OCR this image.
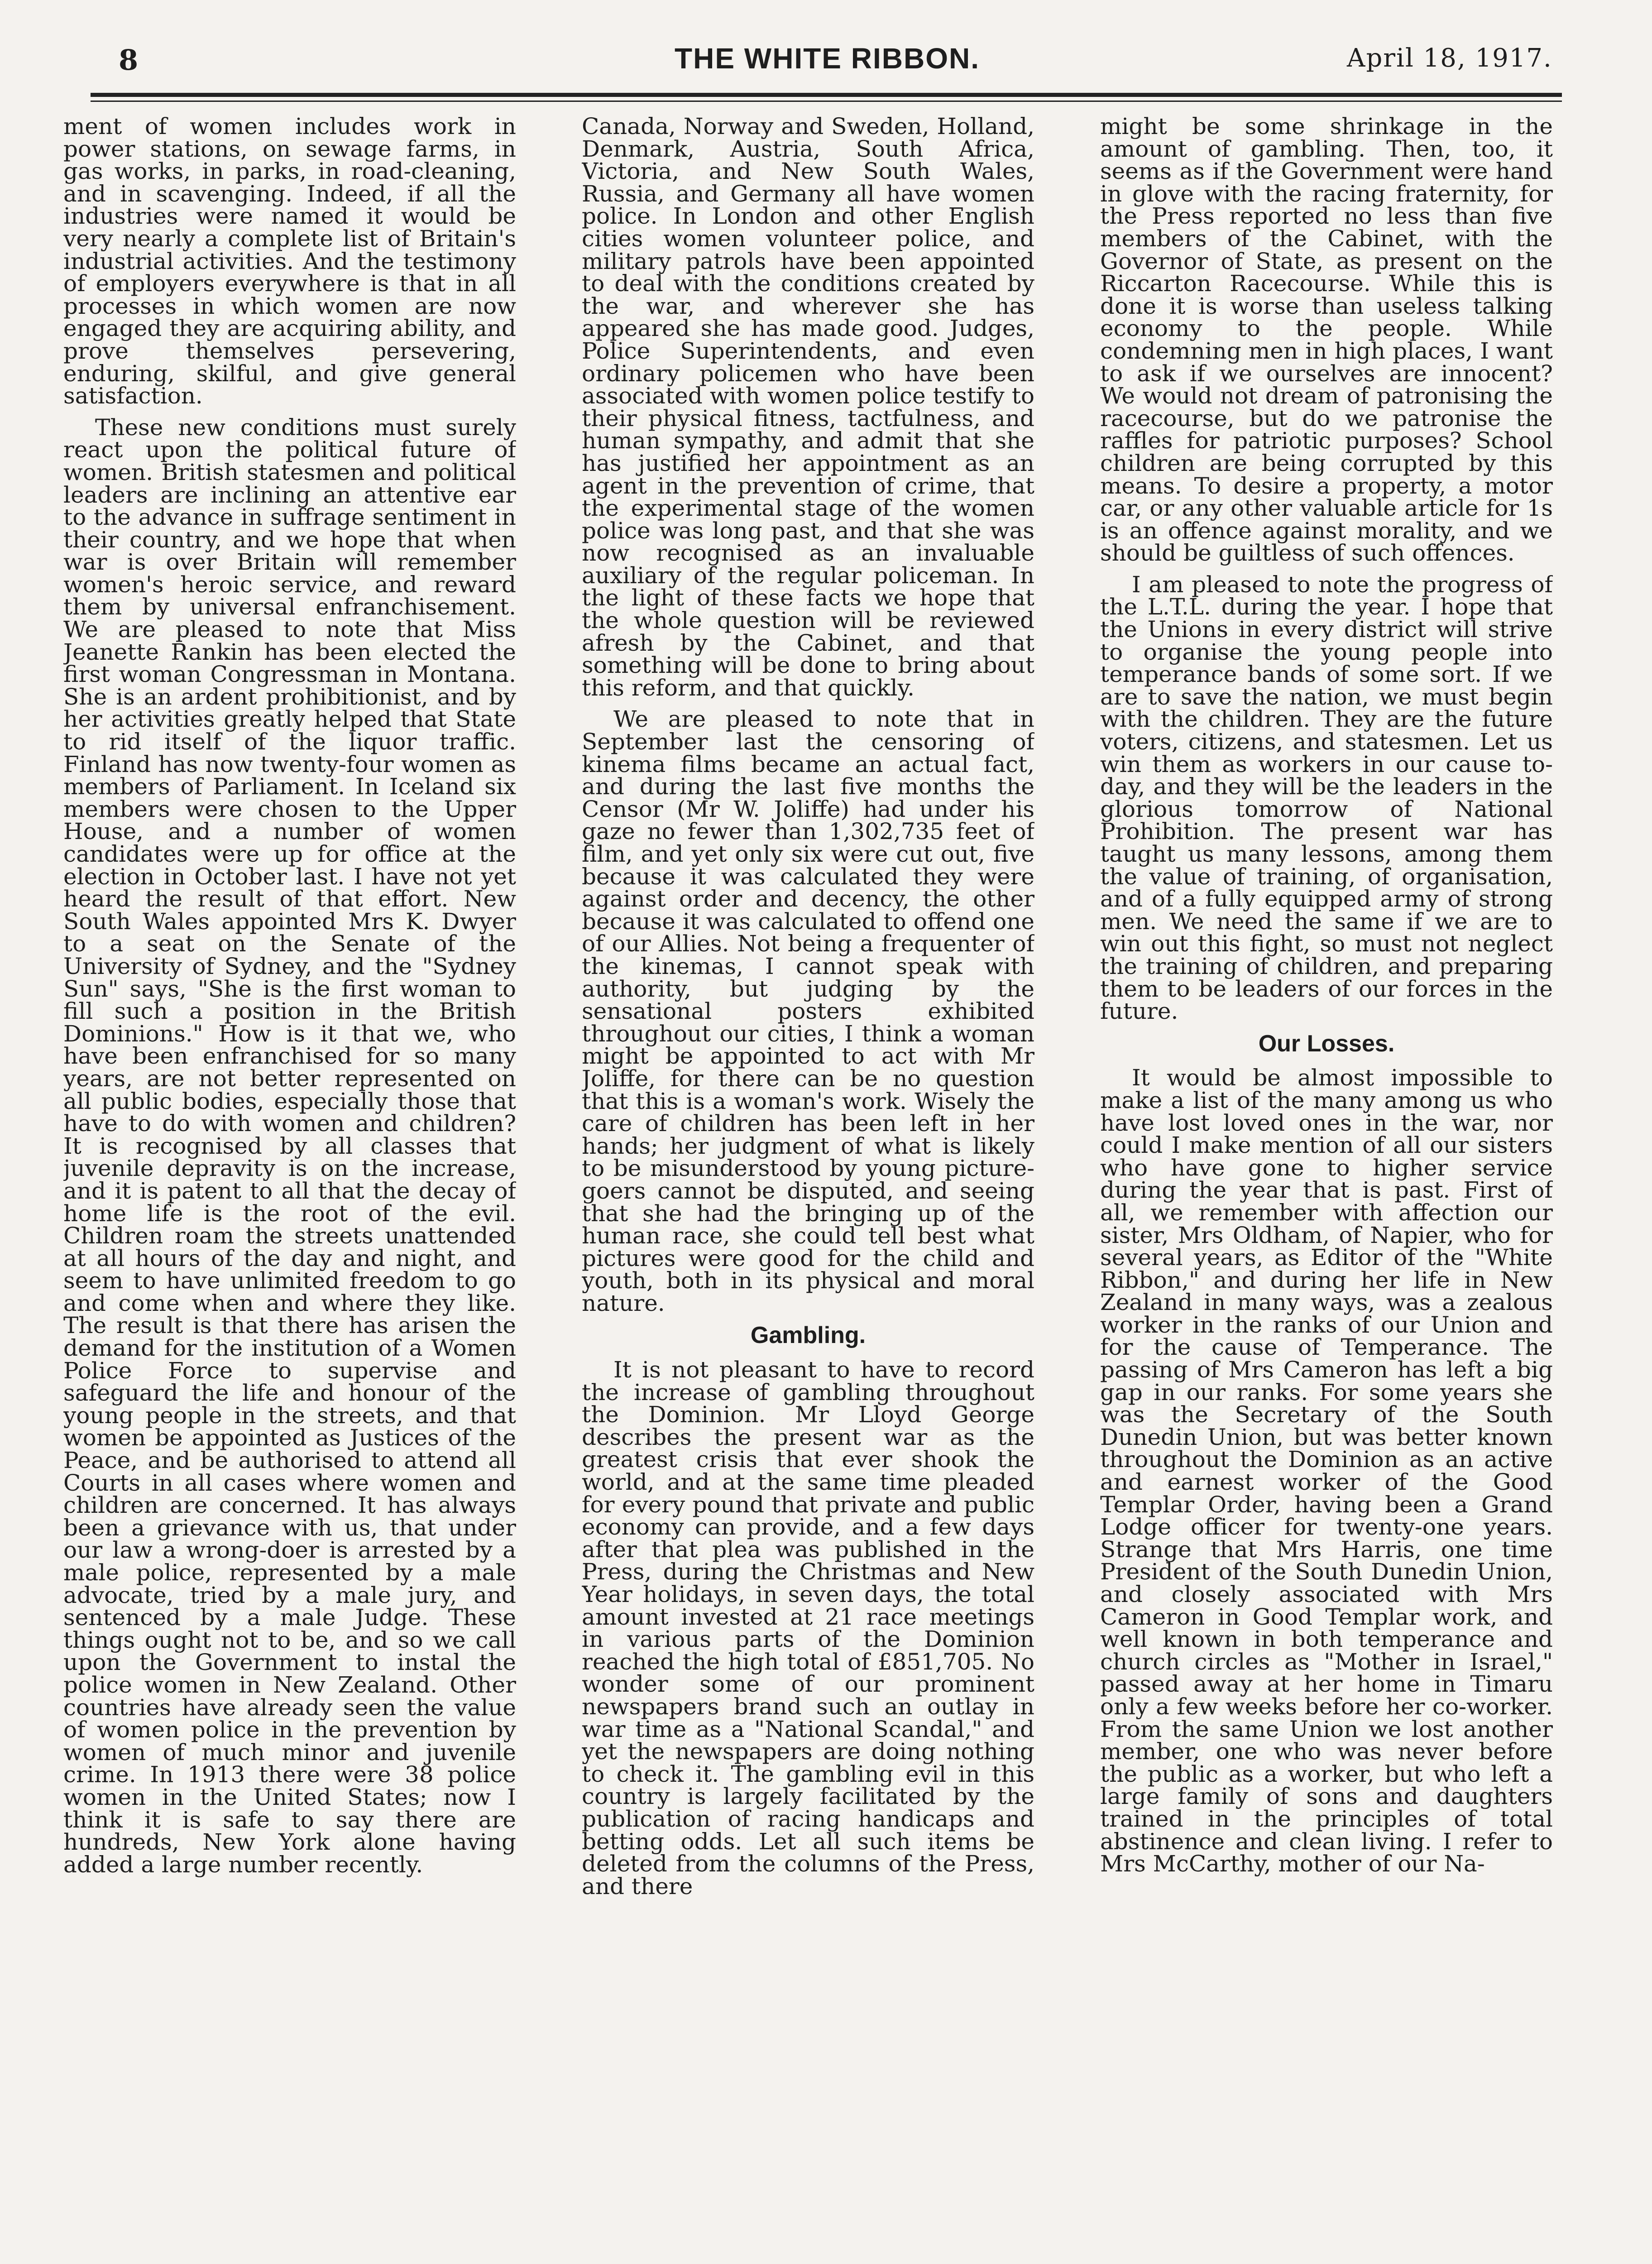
8	THE WHITE RIBBON.	April 18, 1917.

ment of women includes work in power stations, on sewage farms, in gas works, in parks, in road-cleaning, and in scavenging. Indeed, if all the industries were named it would be very nearly a complete list of Britain's industrial activities. And the testimony of employers everywhere is that in all processes in which women are now engaged they are acquiring ability, and prove themselves persevering, enduring, skilful, and give general satisfaction.

These new conditions must surely react upon the political future of women. British statesmen and political leaders are inclining an attentive ear to the advance in suffrage sentiment in their country, and we hope that when war is over Britain will remember women's heroic service, and reward them by universal enfranchisement. We are pleased to note that Miss Jeanette Rankin has been elected the first woman Congressman in Montana. She is an ardent prohibitionist, and by her activities greatly helped that State to rid itself of the liquor traffic. Finland has now twenty-four women as members of Parliament. In Iceland six members were chosen to the Upper House, and a number of women candidates were up for office at the election in October last. I have not yet heard the result of that effort. New South Wales appointed Mrs K. Dwyer to a seat on the Senate of the University of Sydney, and the "Sydney Sun" says, "She is the first woman to fill such a position in the British Dominions." How is it that we, who have been enfranchised for so many years, are not better represented on all public bodies, especially those that have to do with women and children? It is recognised by all classes that juvenile depravity is on the increase, and it is patent to all that the decay of home life is the root of the evil. Children roam the streets unattended at all hours of the day and night, and seem to have unlimited freedom to go and come when and where they like. The result is that there has arisen the demand for the institution of a Women Police Force to supervise and safeguard the life and honour of the young people in the streets, and that women be appointed as Justices of the Peace, and be authorised to attend all Courts in all cases where women and children are concerned. It has always been a grievance with us, that under our law a wrong-doer is arrested by a male police, represented by a male advocate, tried by a male jury, and sentenced by a male Judge. These things ought not to be, and so we call upon the Government to instal the police women in New Zealand. Other countries have already seen the value of women police in the prevention by women of much minor and juvenile crime. In 1913 there were 38 police women in the United States; now I think it is safe to say there are hundreds, New York alone having added a large number recently.

Canada, Norway and Sweden, Holland, Denmark, Austria, South Africa, Victoria, and New South Wales, Russia, and Germany all have women police. In London and other English cities women volunteer police, and military patrols have been appointed to deal with the conditions created by the war, and wherever she has appeared she has made good. Judges, Police Superintendents, and even ordinary policemen who have been associated with women police testify to their physical fitness, tactfulness, and human sympathy, and admit that she has justified her appointment as an agent in the prevention of crime, that the experimental stage of the women police was long past, and that she was now recognised as an invaluable auxiliary of the regular policeman. In the light of these facts we hope that the whole question will be reviewed afresh by the Cabinet, and that something will be done to bring about this reform, and that quickly.

We are pleased to note that in September last the censoring of kinema films became an actual fact, and during the last five months the Censor (Mr W. Joliffe) had under his gaze no fewer than 1,302,735 feet of film, and yet only six were cut out, five because it was calculated they were against order and decency, the other because it was calculated to offend one of our Allies. Not being a frequenter of the kinemas, I cannot speak with authority, but judging by the sensational posters exhibited throughout our cities, I think a woman might be appointed to act with Mr Joliffe, for there can be no question that this is a woman's work. Wisely the care of children has been left in her hands; her judgment of what is likely to be misunderstood by young picture-goers cannot be disputed, and seeing that she had the bringing up of the human race, she could tell best what pictures were good for the child and youth, both in its physical and moral nature.

Gambling.

It is not pleasant to have to record the increase of gambling throughout the Dominion. Mr Lloyd George describes the present war as the greatest crisis that ever shook the world, and at the same time pleaded for every pound that private and public economy can provide, and a few days after that plea was published in the Press, during the Christmas and New Year holidays, in seven days, the total amount invested at 21 race meetings in various parts of the Dominion reached the high total of £851,705. No wonder some of our prominent newspapers brand such an outlay in war time as a "National Scandal," and yet the newspapers are doing nothing to check it. The gambling evil in this country is largely facilitated by the publication of racing handicaps and betting odds. Let all such items be deleted from the columns of the Press, and there

might be some shrinkage in the amount of gambling. Then, too, it seems as if the Government were hand in glove with the racing fraternity, for the Press reported no less than five members of the Cabinet, with the Governor of State, as present on the Riccarton Racecourse. While this is done it is worse than useless talking economy to the people. While condemning men in high places, I want to ask if we ourselves are innocent? We would not dream of patronising the racecourse, but do we patronise the raffles for patriotic purposes? School children are being corrupted by this means. To desire a property, a motor car, or any other valuable article for 1s is an offence against morality, and we should be guiltless of such offences.

I am pleased to note the progress of the L.T.L. during the year. I hope that the Unions in every district will strive to organise the young people into temperance bands of some sort. If we are to save the nation, we must begin with the children. They are the future voters, citizens, and statesmen. Let us win them as workers in our cause to-day, and they will be the leaders in the glorious tomorrow of National Prohibition. The present war has taught us many lessons, among them the value of training, of organisation, and of a fully equipped army of strong men. We need the same if we are to win out this fight, so must not neglect the training of children, and preparing them to be leaders of our forces in the future.

Our Losses.

It would be almost impossible to make a list of the many among us who have lost loved ones in the war, nor could I make mention of all our sisters who have gone to higher service during the year that is past. First of all, we remember with affection our sister, Mrs Oldham, of Napier, who for several years, as Editor of the "White Ribbon," and during her life in New Zealand in many ways, was a zealous worker in the ranks of our Union and for the cause of Temperance. The passing of Mrs Cameron has left a big gap in our ranks. For some years she was the Secretary of the South Dunedin Union, but was better known throughout the Dominion as an active and earnest worker of the Good Templar Order, having been a Grand Lodge officer for twenty-one years. Strange that Mrs Harris, one time President of the South Dunedin Union, and closely associated with Mrs Cameron in Good Templar work, and well known in both temperance and church circles as "Mother in Israel," passed away at her home in Timaru only a few weeks before her co-worker. From the same Union we lost another member, one who was never before the public as a worker, but who left a large family of sons and daughters trained in the principles of total abstinence and clean living. I refer to Mrs McCarthy, mother of our Na-
